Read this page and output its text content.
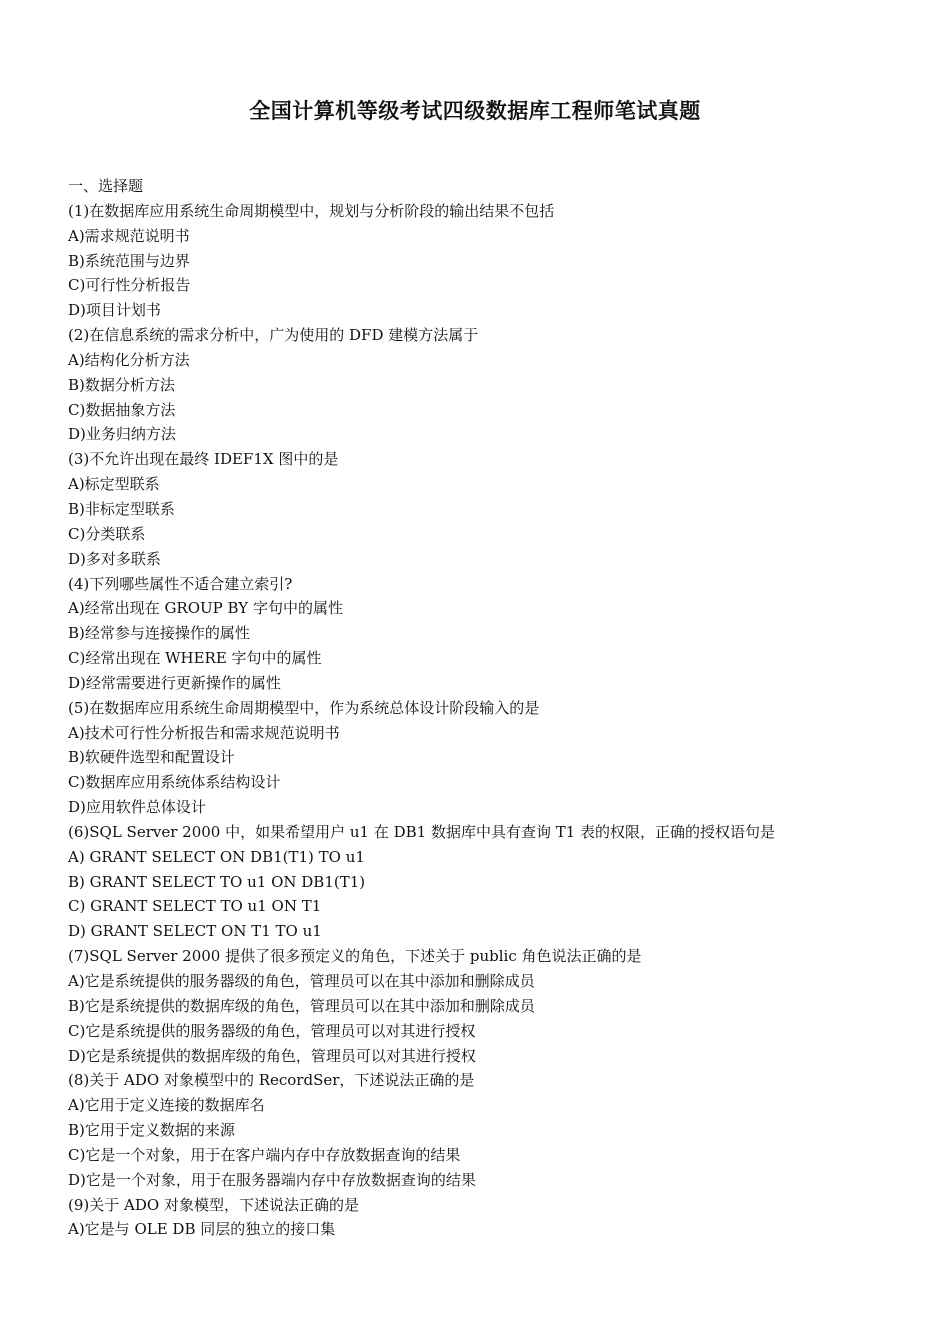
全国计算机等级考试四级数据库工程师笔试真题

一、选择题

(1)在数据库应用系统生命周期模型中，规划与分析阶段的输出结果不包括

A)需求规范说明书

B)系统范围与边界

C)可行性分析报告

D)项目计划书

(2)在信息系统的需求分析中，广为使用的 DFD 建模方法属于

A)结构化分析方法

B)数据分析方法

C)数据抽象方法

D)业务归纳方法

(3)不允许出现在最终 IDEF1X 图中的是

A)标定型联系

B)非标定型联系

C)分类联系

D)多对多联系

(4)下列哪些属性不适合建立索引?

A)经常出现在 GROUP BY 字句中的属性

B)经常参与连接操作的属性

C)经常出现在 WHERE 字句中的属性

D)经常需要进行更新操作的属性

(5)在数据库应用系统生命周期模型中，作为系统总体设计阶段输入的是

A)技术可行性分析报告和需求规范说明书

B)软硬件选型和配置设计

C)数据库应用系统体系结构设计

D)应用软件总体设计

(6)SQL Server 2000 中，如果希望用户 u1 在 DB1 数据库中具有查询 T1 表的权限，正确的授权语句是

A) GRANT SELECT ON DB1(T1) TO u1

B) GRANT SELECT TO u1 ON DB1(T1)

C) GRANT SELECT TO u1 ON T1

D) GRANT SELECT ON T1 TO u1

(7)SQL Server 2000 提供了很多预定义的角色，下述关于 public 角色说法正确的是

A)它是系统提供的服务器级的角色，管理员可以在其中添加和删除成员

B)它是系统提供的数据库级的角色，管理员可以在其中添加和删除成员

C)它是系统提供的服务器级的角色，管理员可以对其进行授权

D)它是系统提供的数据库级的角色，管理员可以对其进行授权

(8)关于 ADO 对象模型中的 RecordSer，下述说法正确的是

A)它用于定义连接的数据库名

B)它用于定义数据的来源

C)它是一个对象，用于在客户端内存中存放数据查询的结果

D)它是一个对象，用于在服务器端内存中存放数据查询的结果

(9)关于 ADO 对象模型，下述说法正确的是

A)它是与 OLE DB 同层的独立的接口集
